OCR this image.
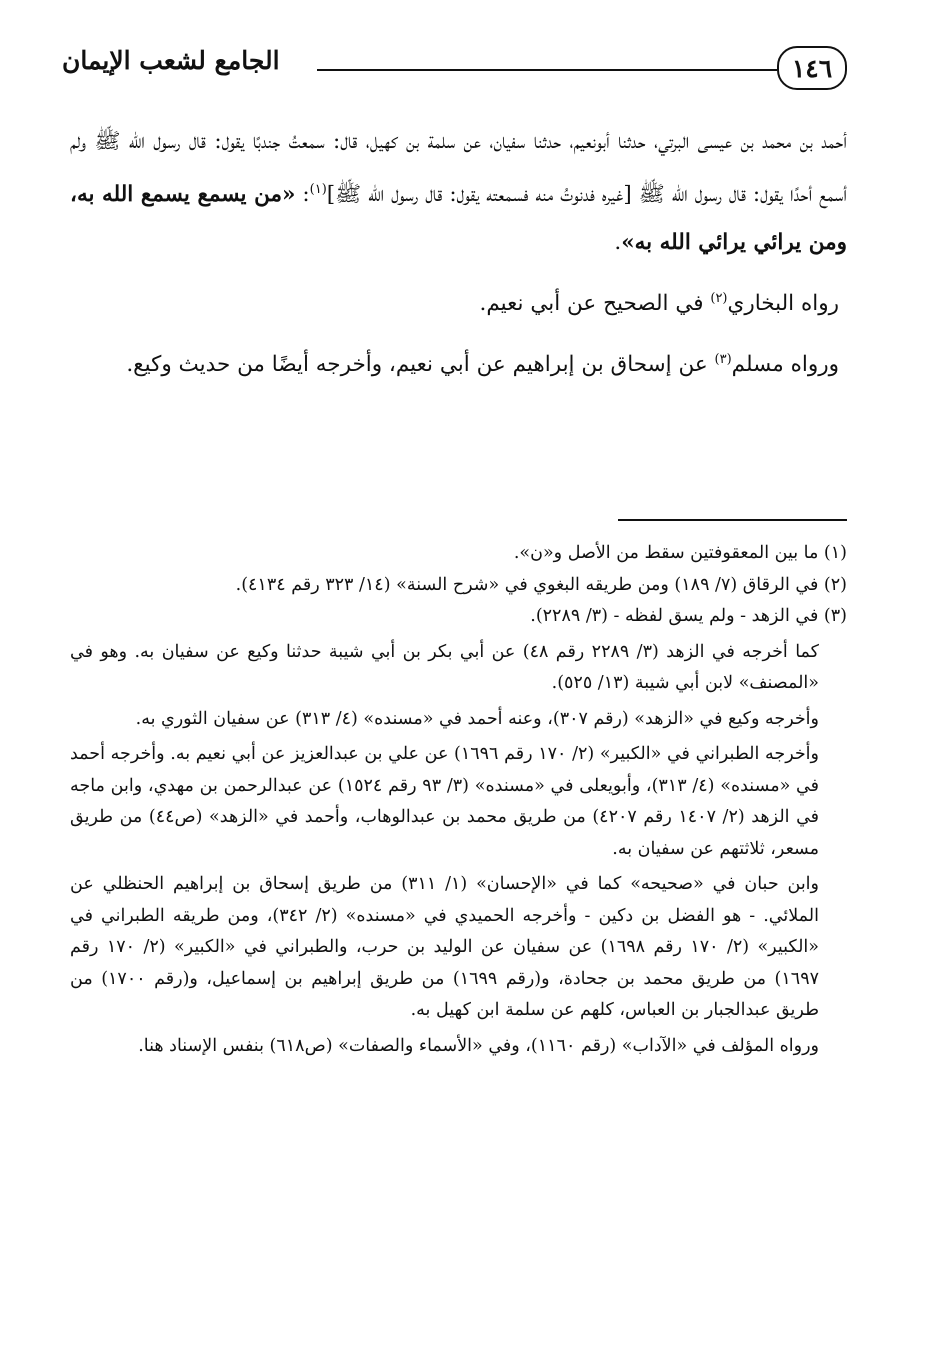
١٤٦
الجامع لشعب الإيمان

أحمد بن محمد بن عيسى البرتي، حدثنا أبونعيم، حدثنا سفيان، عن سلمة بن كهيل، قال: سمعتُ جندبًا يقول: قال رسول الله ﷺ ولم أسمع أحدًا يقول: قال رسول الله ﷺ [غيره فدنوتُ منه فسمعته يقول: قال رسول الله ﷺ]$^{(١)}$: «من يسمع يسمع الله به، ومن يرائي يرائي الله به».

رواه البخاري$^{(٢)}$ في الصحيح عن أبي نعيم.

ورواه مسلم$^{(٣)}$ عن إسحاق بن إبراهيم عن أبي نعيم، وأخرجه أيضًا من حديث وكيع.

(١) ما بين المعقوفتين سقط من الأصل و«ن».

(٢) في الرقاق (٧/ ١٨٩) ومن طريقه البغوي في «شرح السنة» (١٤/ ٣٢٣ رقم ٤١٣٤).

(٣) في الزهد - ولم يسق لفظه - (٣/ ٢٢٨٩).

كما أخرجه في الزهد (٣/ ٢٢٨٩ رقم ٤٨) عن أبي بكر بن أبي شيبة حدثنا وكيع عن سفيان به. وهو في «المصنف» لابن أبي شيبة (١٣/ ٥٢٥).

وأخرجه وكيع في «الزهد» (رقم ٣٠٧)، وعنه أحمد في «مسنده» (٤/ ٣١٣) عن سفيان الثوري به.

وأخرجه الطبراني في «الكبير» (٢/ ١٧٠ رقم ١٦٩٦) عن علي بن عبدالعزيز عن أبي نعيم به. وأخرجه أحمد في «مسنده» (٤/ ٣١٣)، وأبويعلى في «مسنده» (٣/ ٩٣ رقم ١٥٢٤) عن عبدالرحمن بن مهدي، وابن ماجه في الزهد (٢/ ١٤٠٧ رقم ٤٢٠٧) من طريق محمد بن عبدالوهاب، وأحمد في «الزهد» (ص٤٤) من طريق مسعر، ثلاثتهم عن سفيان به.

وابن حبان في «صحيحه» كما في «الإحسان» (١/ ٣١١) من طريق إسحاق بن إبراهيم الحنظلي عن الملائي. - هو الفضل بن دكين - وأخرجه الحميدي في «مسنده» (٢/ ٣٤٢)، ومن طريقه الطبراني في «الكبير» (٢/ ١٧٠ رقم ١٦٩٨) عن سفيان عن الوليد بن حرب، والطبراني في «الكبير» (٢/ ١٧٠ رقم ١٦٩٧) من طريق محمد بن جحادة، و(رقم ١٦٩٩) من طريق إبراهيم بن إسماعيل، و(رقم ١٧٠٠) من طريق عبدالجبار بن العباس، كلهم عن سلمة ابن كهيل به.

ورواه المؤلف في «الآداب» (رقم ١١٦٠)، وفي «الأسماء والصفات» (ص٦١٨) بنفس الإسناد هنا.
